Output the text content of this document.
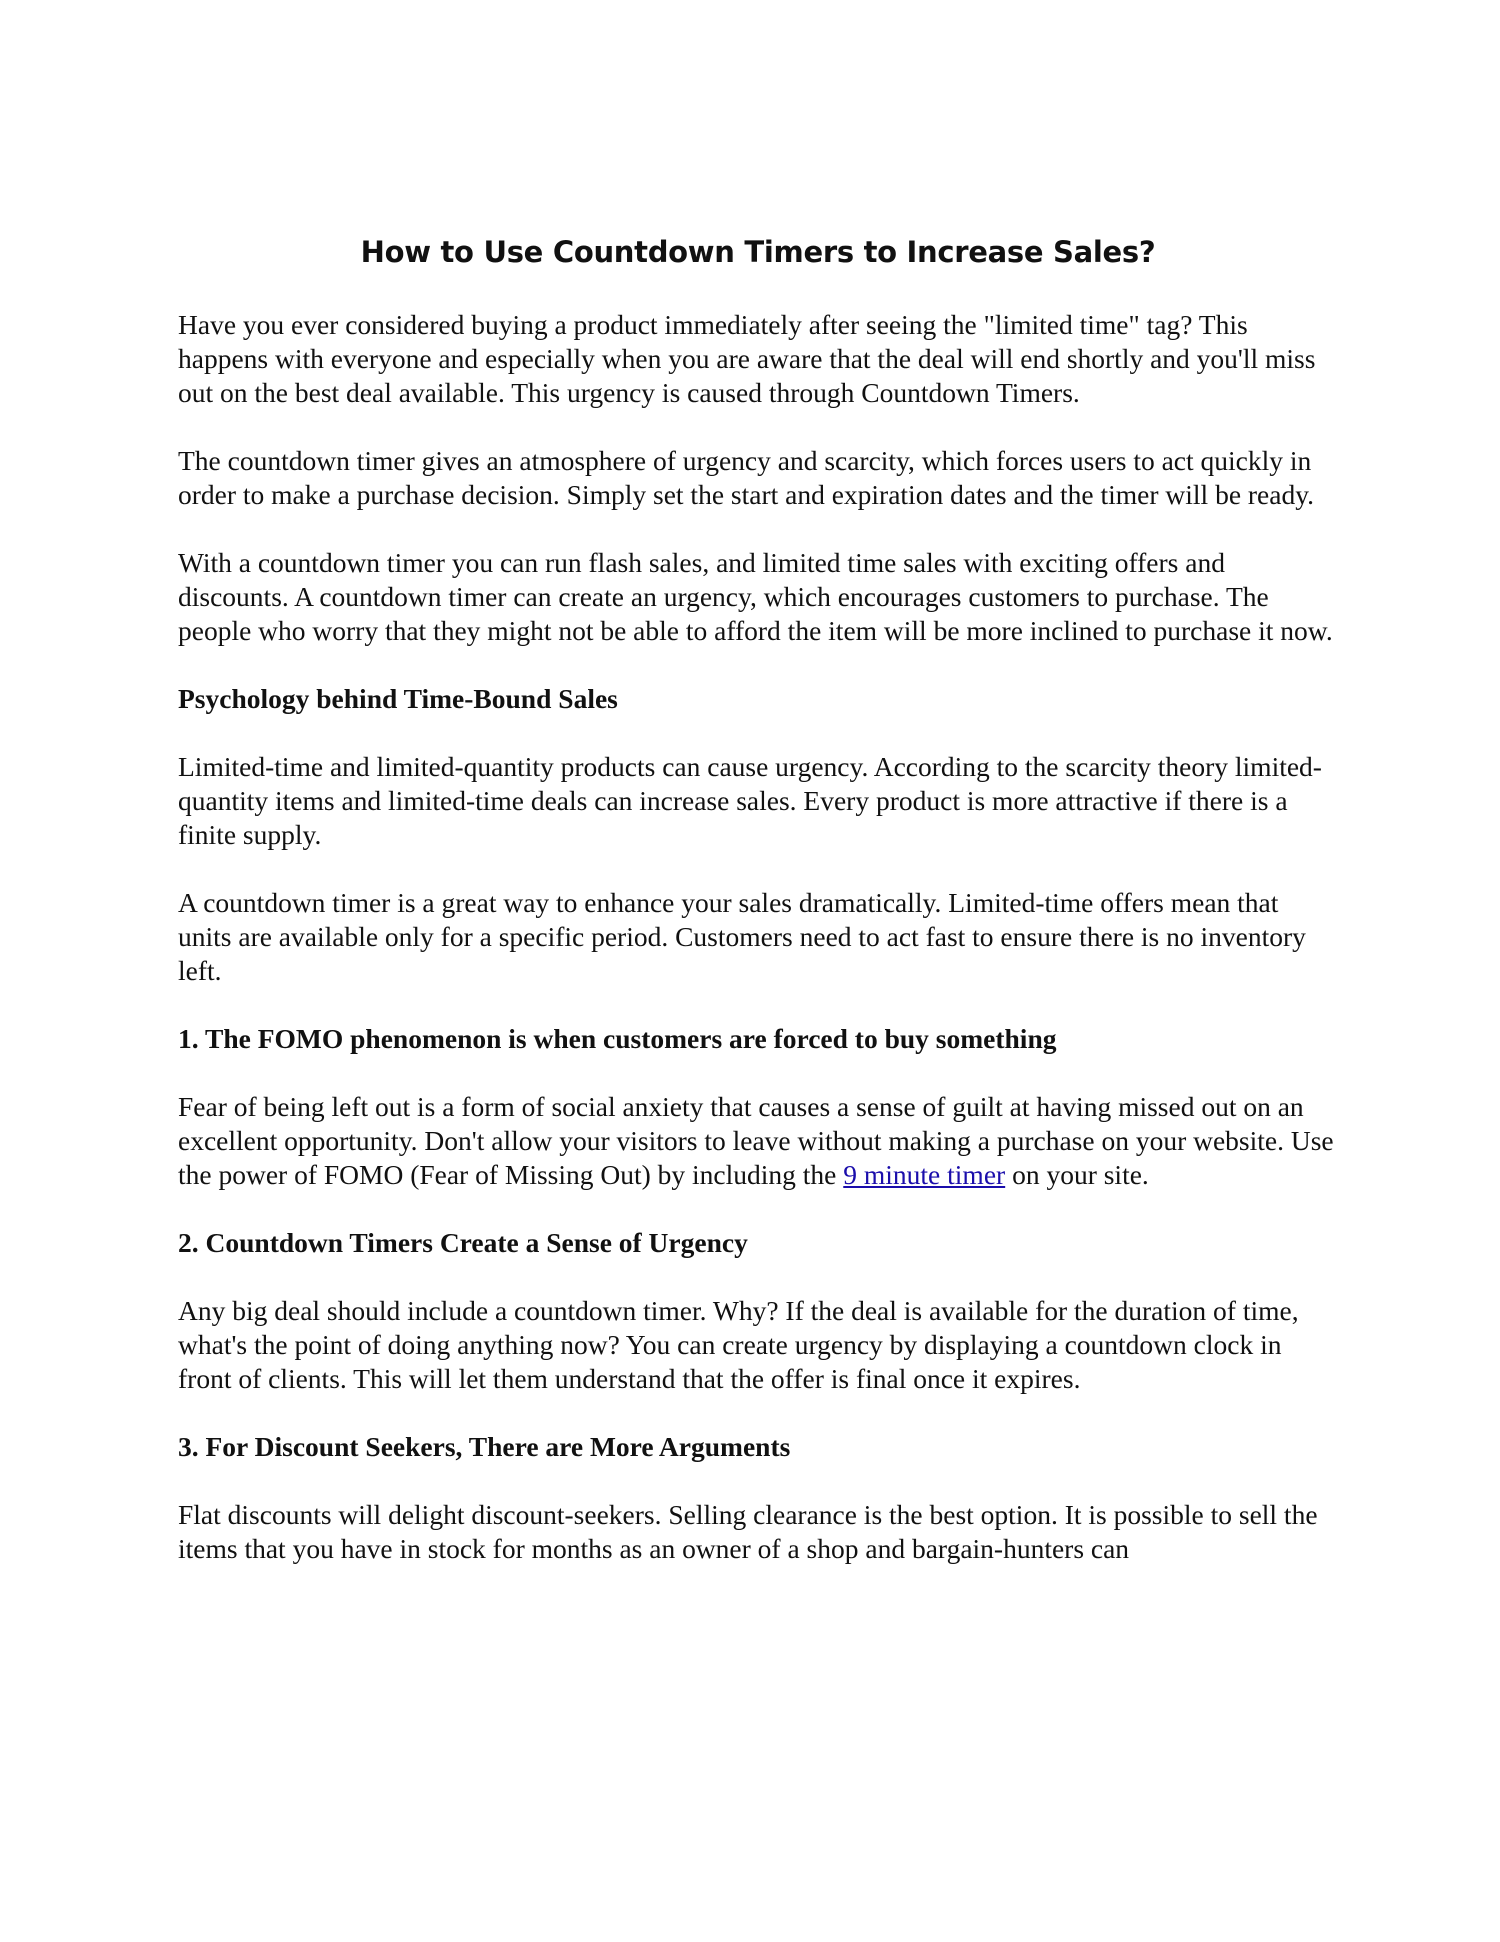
How to Use Countdown Timers to Increase Sales?

Have you ever considered buying a product immediately after seeing the "limited time" tag? This happens with everyone and especially when you are aware that the deal will end shortly and you'll miss out on the best deal available. This urgency is caused through Countdown Timers.

The countdown timer gives an atmosphere of urgency and scarcity, which forces users to act quickly in order to make a purchase decision. Simply set the start and expiration dates and the timer will be ready.

With a countdown timer you can run flash sales, and limited time sales with exciting offers and discounts. A countdown timer can create an urgency, which encourages customers to purchase. The people who worry that they might not be able to afford the item will be more inclined to purchase it now.

Psychology behind Time-Bound Sales

Limited-time and limited-quantity products can cause urgency. According to the scarcity theory limited-quantity items and limited-time deals can increase sales. Every product is more attractive if there is a finite supply.

A countdown timer is a great way to enhance your sales dramatically. Limited-time offers mean that units are available only for a specific period. Customers need to act fast to ensure there is no inventory left.

1. The FOMO phenomenon is when customers are forced to buy something

Fear of being left out is a form of social anxiety that causes a sense of guilt at having missed out on an excellent opportunity. Don't allow your visitors to leave without making a purchase on your website. Use the power of FOMO (Fear of Missing Out) by including the 9 minute timer on your site.

2. Countdown Timers Create a Sense of Urgency

Any big deal should include a countdown timer. Why? If the deal is available for the duration of time, what's the point of doing anything now? You can create urgency by displaying a countdown clock in front of clients. This will let them understand that the offer is final once it expires.

3. For Discount Seekers, There are More Arguments

Flat discounts will delight discount-seekers. Selling clearance is the best option. It is possible to sell the items that you have in stock for months as an owner of a shop and bargain-hunters can
